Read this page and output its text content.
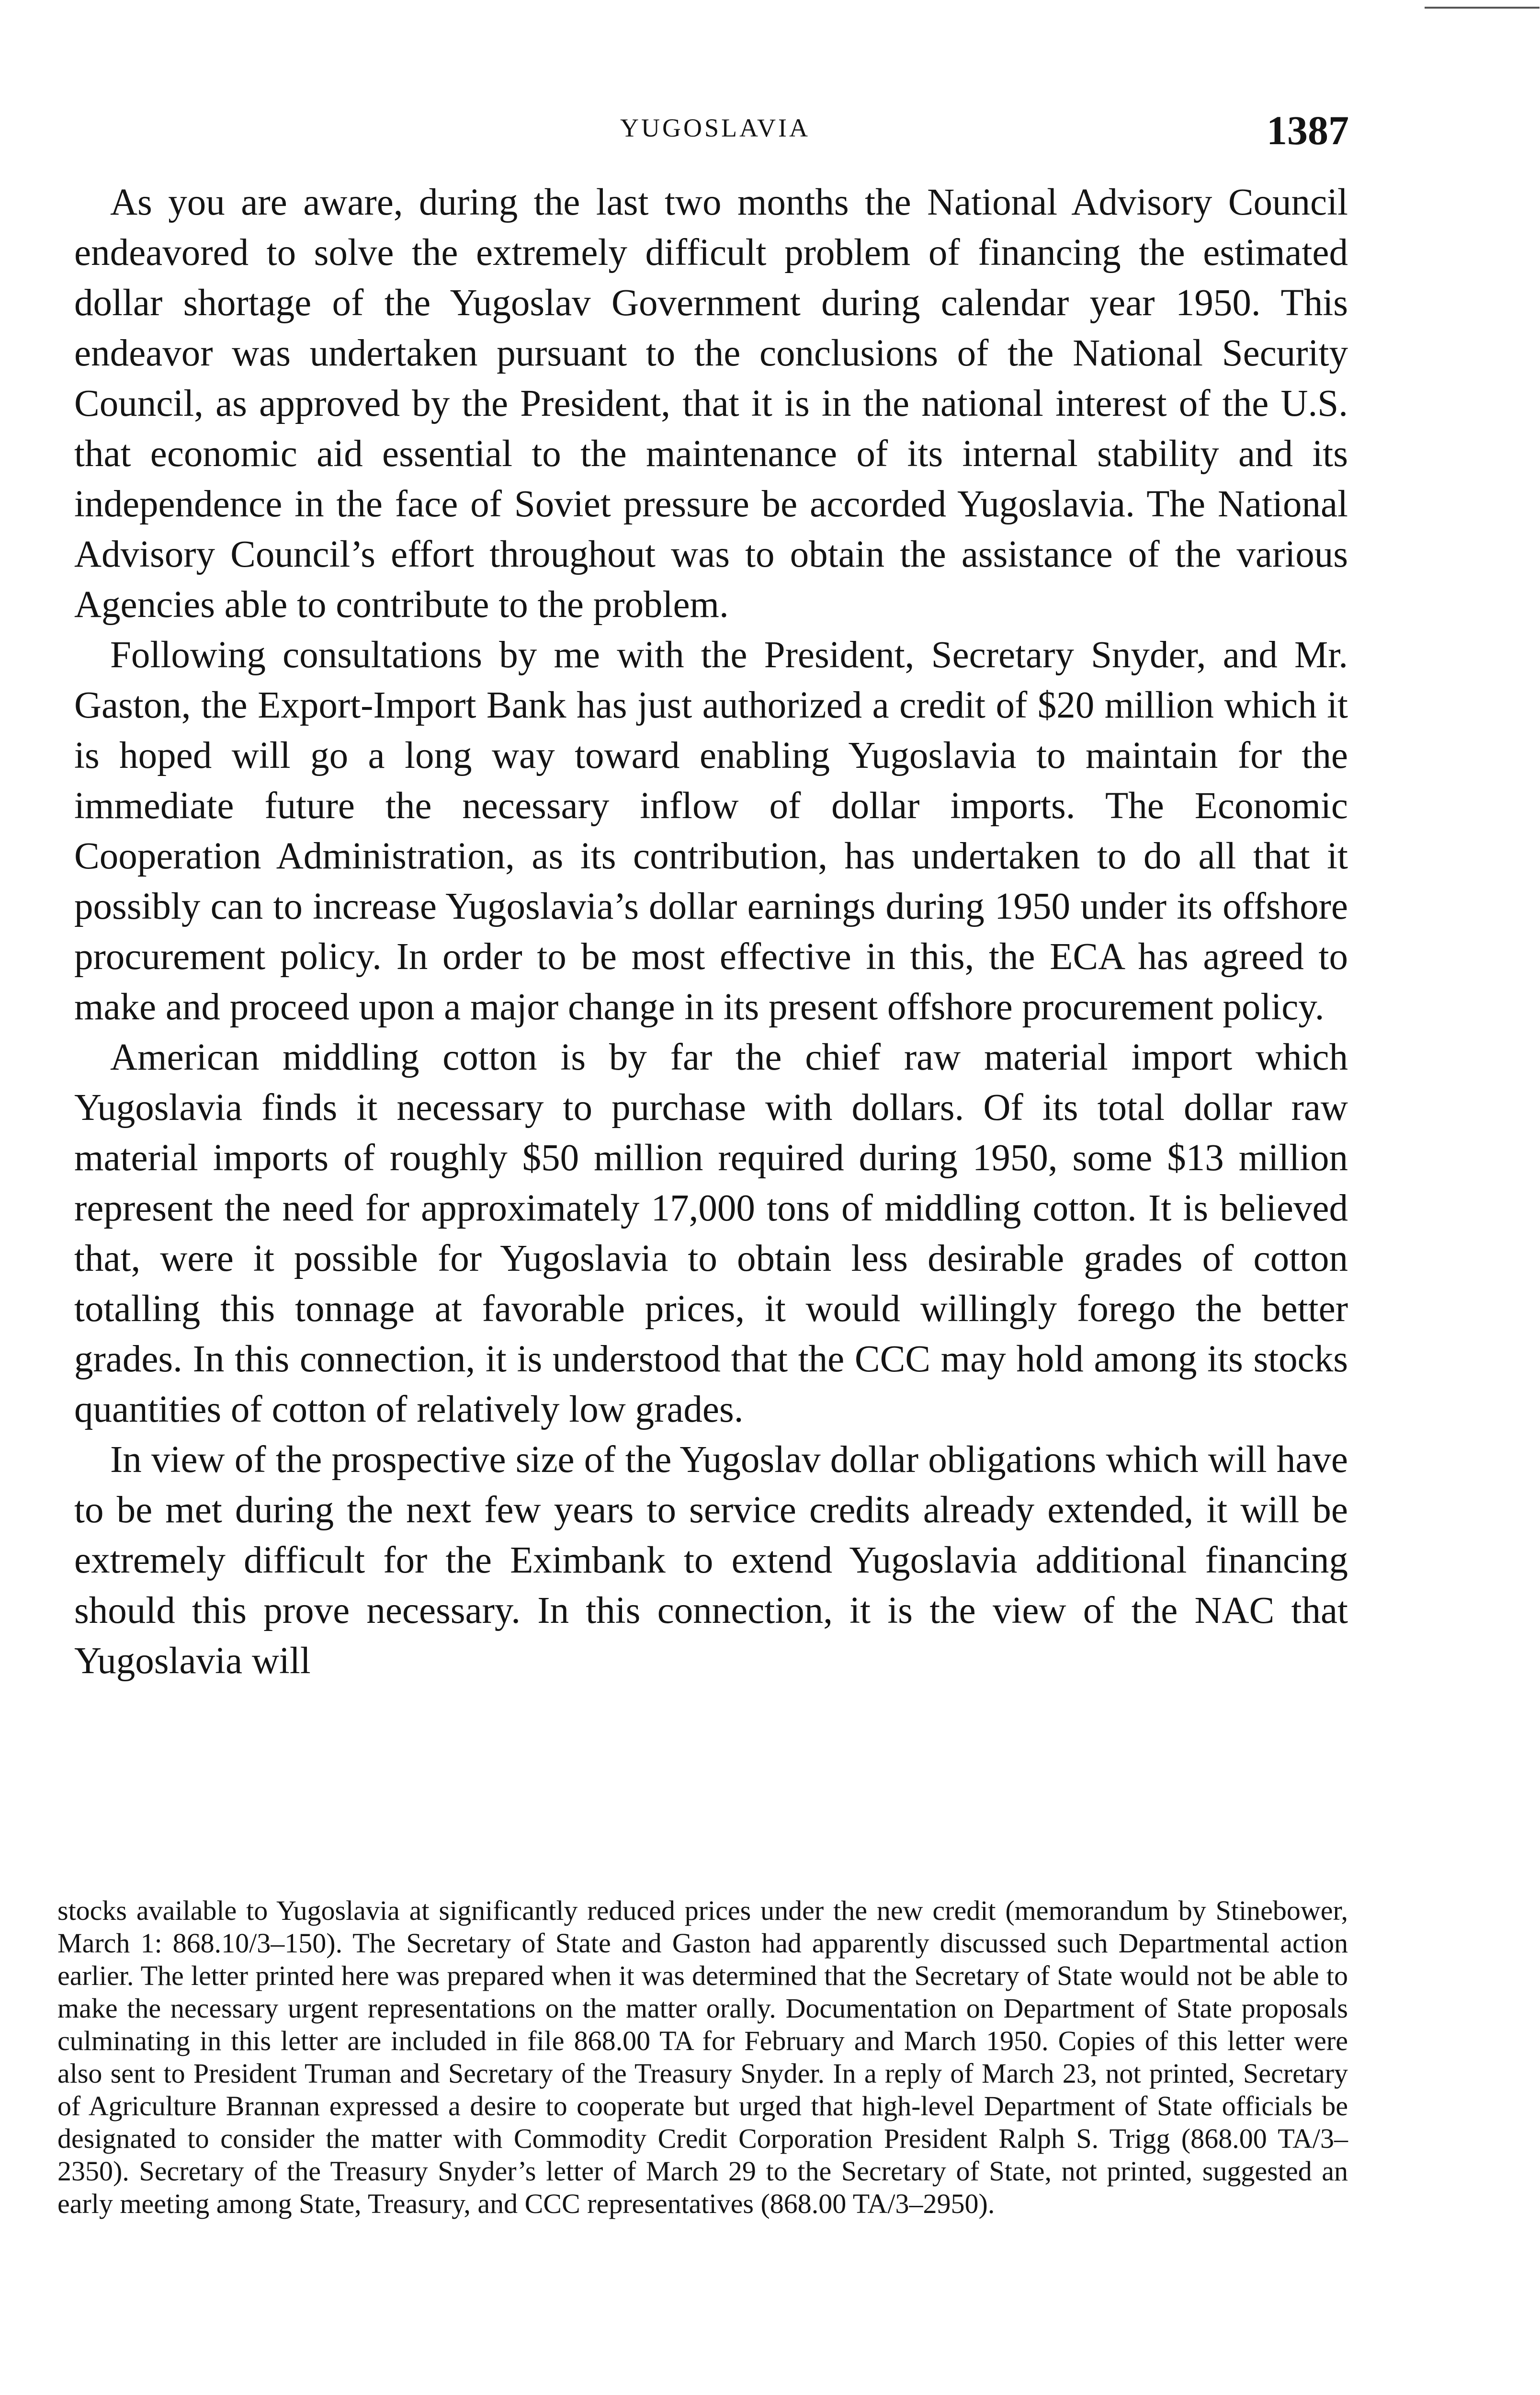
YUGOSLAVIA	1387

As you are aware, during the last two months the National Advisory Council endeavored to solve the extremely difficult problem of financing the estimated dollar shortage of the Yugoslav Government during calendar year 1950. This endeavor was undertaken pursuant to the conclusions of the National Security Council, as approved by the President, that it is in the national interest of the U.S. that economic aid essential to the maintenance of its internal stability and its independence in the face of Soviet pressure be accorded Yugoslavia. The National Advisory Council’s effort throughout was to obtain the assistance of the various Agencies able to contribute to the problem.

Following consultations by me with the President, Secretary Snyder, and Mr. Gaston, the Export-Import Bank has just authorized a credit of $20 million which it is hoped will go a long way toward enabling Yugoslavia to maintain for the immediate future the necessary inflow of dollar imports. The Economic Cooperation Administration, as its contribution, has undertaken to do all that it possibly can to increase Yugoslavia’s dollar earnings during 1950 under its offshore procurement policy. In order to be most effective in this, the ECA has agreed to make and proceed upon a major change in its present offshore procurement policy.

American middling cotton is by far the chief raw material import which Yugoslavia finds it necessary to purchase with dollars. Of its total dollar raw material imports of roughly $50 million required during 1950, some $13 million represent the need for approximately 17,000 tons of middling cotton. It is believed that, were it possible for Yugoslavia to obtain less desirable grades of cotton totalling this tonnage at favorable prices, it would willingly forego the better grades. In this connection, it is understood that the CCC may hold among its stocks quantities of cotton of relatively low grades.

In view of the prospective size of the Yugoslav dollar obligations which will have to be met during the next few years to service credits already extended, it will be extremely difficult for the Eximbank to extend Yugoslavia additional financing should this prove necessary. In this connection, it is the view of the NAC that Yugoslavia will

stocks available to Yugoslavia at significantly reduced prices under the new credit (memorandum by Stinebower, March 1: 868.10/3–150). The Secretary of State and Gaston had apparently discussed such Departmental action earlier. The letter printed here was prepared when it was determined that the Secretary of State would not be able to make the necessary urgent representations on the matter orally. Documentation on Department of State proposals culminating in this letter are included in file 868.00 TA for February and March 1950. Copies of this letter were also sent to President Truman and Secretary of the Treasury Snyder. In a reply of March 23, not printed, Secretary of Agriculture Brannan expressed a desire to cooperate but urged that high-level Department of State officials be designated to consider the matter with Commodity Credit Corporation President Ralph S. Trigg (868.00 TA/3–2350). Secretary of the Treasury Snyder’s letter of March 29 to the Secretary of State, not printed, suggested an early meeting among State, Treasury, and CCC representatives (868.00 TA/3–2950).
